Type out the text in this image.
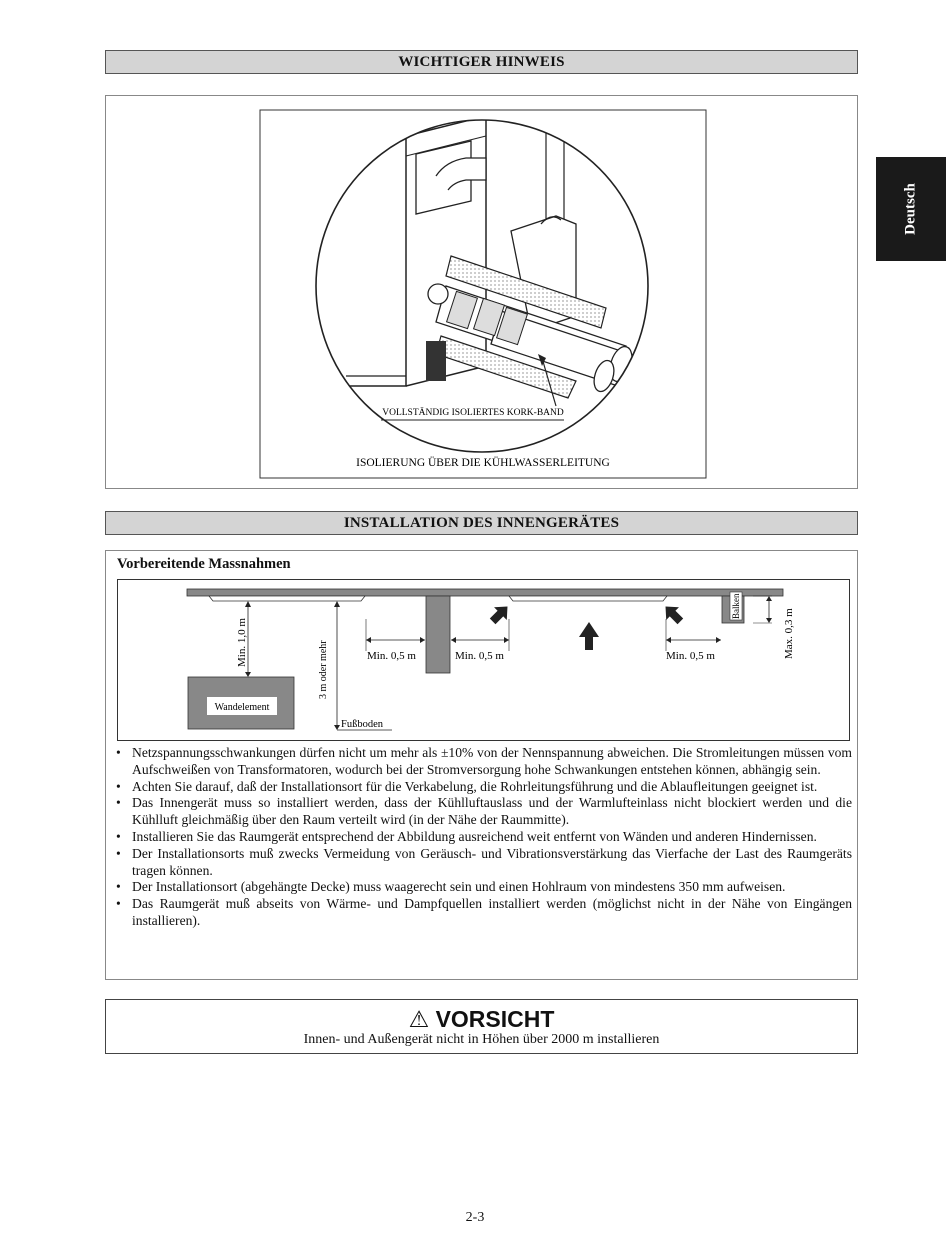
Deutsch
WICHTIGER HINWEIS
VOLLSTÄNDIG ISOLIERTES KORK-BAND
ISOLIERUNG ÜBER DIE KÜHLWASSERLEITUNG
INSTALLATION DES INNENGERÄTES
Vorbereitende Massnahmen
Balken
Wandelement
Min. 1,0 m	3 m oder mehr
Fußboden
Min. 0,5 m	Min. 0,5 m	Min. 0,5 m	Max. 0,3 m
• Netzspannungsschwankungen dürfen nicht um mehr als ±10% von der Nennspannung abweichen. Die Stromleitungen müssen vom Aufschweißen von Transformatoren, wodurch bei der Stromversorgung hohe Schwankungen entstehen können, abhängig sein.
• Achten Sie darauf, daß der Installationsort für die Verkabelung, die Rohrleitungsführung und die Ablaufleitungen geeignet ist.
• Das Innengerät muss so installiert werden, dass der Kühlluftauslass und der Warmlufteinlass nicht blockiert werden und die Kühlluft gleichmäßig über den Raum verteilt wird (in der Nähe der Raummitte).
• Installieren Sie das Raumgerät entsprechend der Abbildung ausreichend weit entfernt von Wänden und anderen Hindernissen.
• Der Installationsorts muß zwecks Vermeidung von Geräusch- und Vibrationsverstärkung das Vierfache der Last des Raumgeräts tragen können.
• Der Installationsort (abgehängte Decke) muss waagerecht sein und einen Hohlraum von mindestens 350 mm aufweisen.
• Das Raumgerät muß abseits von Wärme- und Dampfquellen installiert werden (möglichst nicht in der Nähe von Eingängen installieren).
⚠ VORSICHT
Innen- und Außengerät nicht in Höhen über 2000 m installieren
2-3
